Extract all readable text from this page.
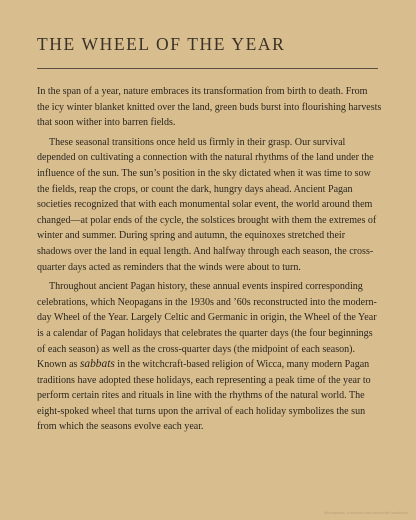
THE WHEEL OF THE YEAR

In the span of a year, nature embraces its transformation from birth to death. From the icy winter blanket knitted over the land, green buds burst into flourishing harvests that soon wither into barren fields.

These seasonal transitions once held us firmly in their grasp. Our survival depended on cultivating a connection with the natural rhythms of the land under the influence of the sun. The sun’s position in the sky dictated when it was time to sow the fields, reap the crops, or count the dark, hungry days ahead. Ancient Pagan societies recognized that with each monumental solar event, the world around them changed—at polar ends of the cycle, the solstices brought with them the extremes of winter and summer. During spring and autumn, the equinoxes stretched their shadows over the land in equal length. And halfway through each season, the cross-quarter days acted as reminders that the winds were about to turn.

Throughout ancient Pagan history, these annual events inspired corresponding celebrations, which Neopagans in the 1930s and ’60s reconstructed into the modern-day Wheel of the Year. Largely Celtic and Germanic in origin, the Wheel of the Year is a calendar of Pagan holidays that celebrates the quarter days (the four beginnings of each season) as well as the cross-quarter days (the midpoint of each season). Known as sabbats in the witchcraft-based religion of Wicca, many modern Pagan traditions have adopted these holidays, each representing a peak time of the year to perform certain rites and rituals in line with the rhythms of the natural world. The eight-spoked wheel that turns upon the arrival of each holiday symbolizes the sun from which the seasons evolve each year.

Wiccapedia, a modern-day witchcraft handbook
